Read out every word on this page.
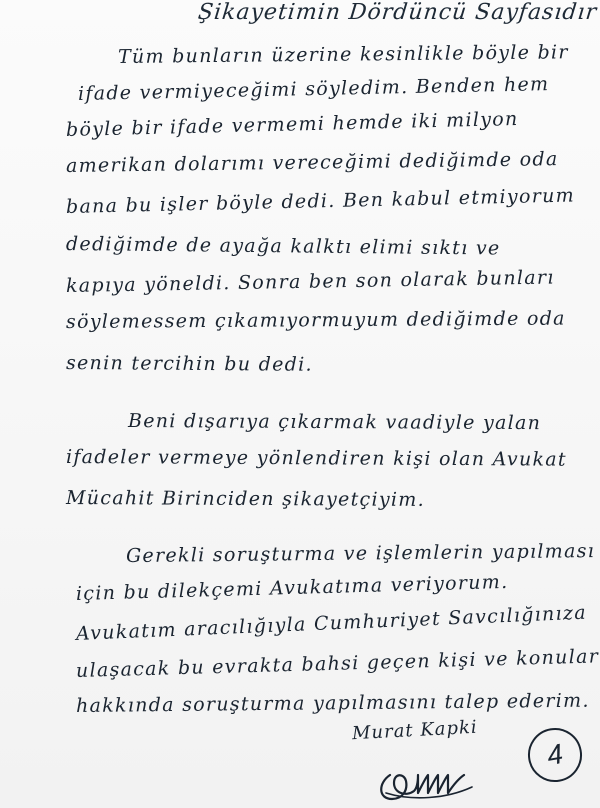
Şikayetimin Dördüncü Sayfasıdır
Tüm bunların üzerine kesinlikle böyle bir
ifade vermiyeceğimi söyledim. Benden hem
böyle bir ifade vermemi hemde iki milyon
amerikan dolarımı vereceğimi dediğimde oda
bana bu işler böyle dedi. Ben kabul etmiyorum
dediğimde de ayağa kalktı elimi sıktı ve
kapıya yöneldi. Sonra ben son olarak bunları
söylemessem çıkamıyormuyum dediğimde oda
senin tercihin bu dedi.
Beni dışarıya çıkarmak vaadiyle yalan
ifadeler vermeye yönlendiren kişi olan Avukat
Mücahit Birinciden şikayetçiyim.
Gerekli soruşturma ve işlemlerin yapılması
için bu dilekçemi Avukatıma veriyorum.
Avukatım aracılığıyla Cumhuriyet Savcılığınıza
ulaşacak bu evrakta bahsi geçen kişi ve konular
hakkında soruşturma yapılmasını talep ederim.
Murat Kapki
4
